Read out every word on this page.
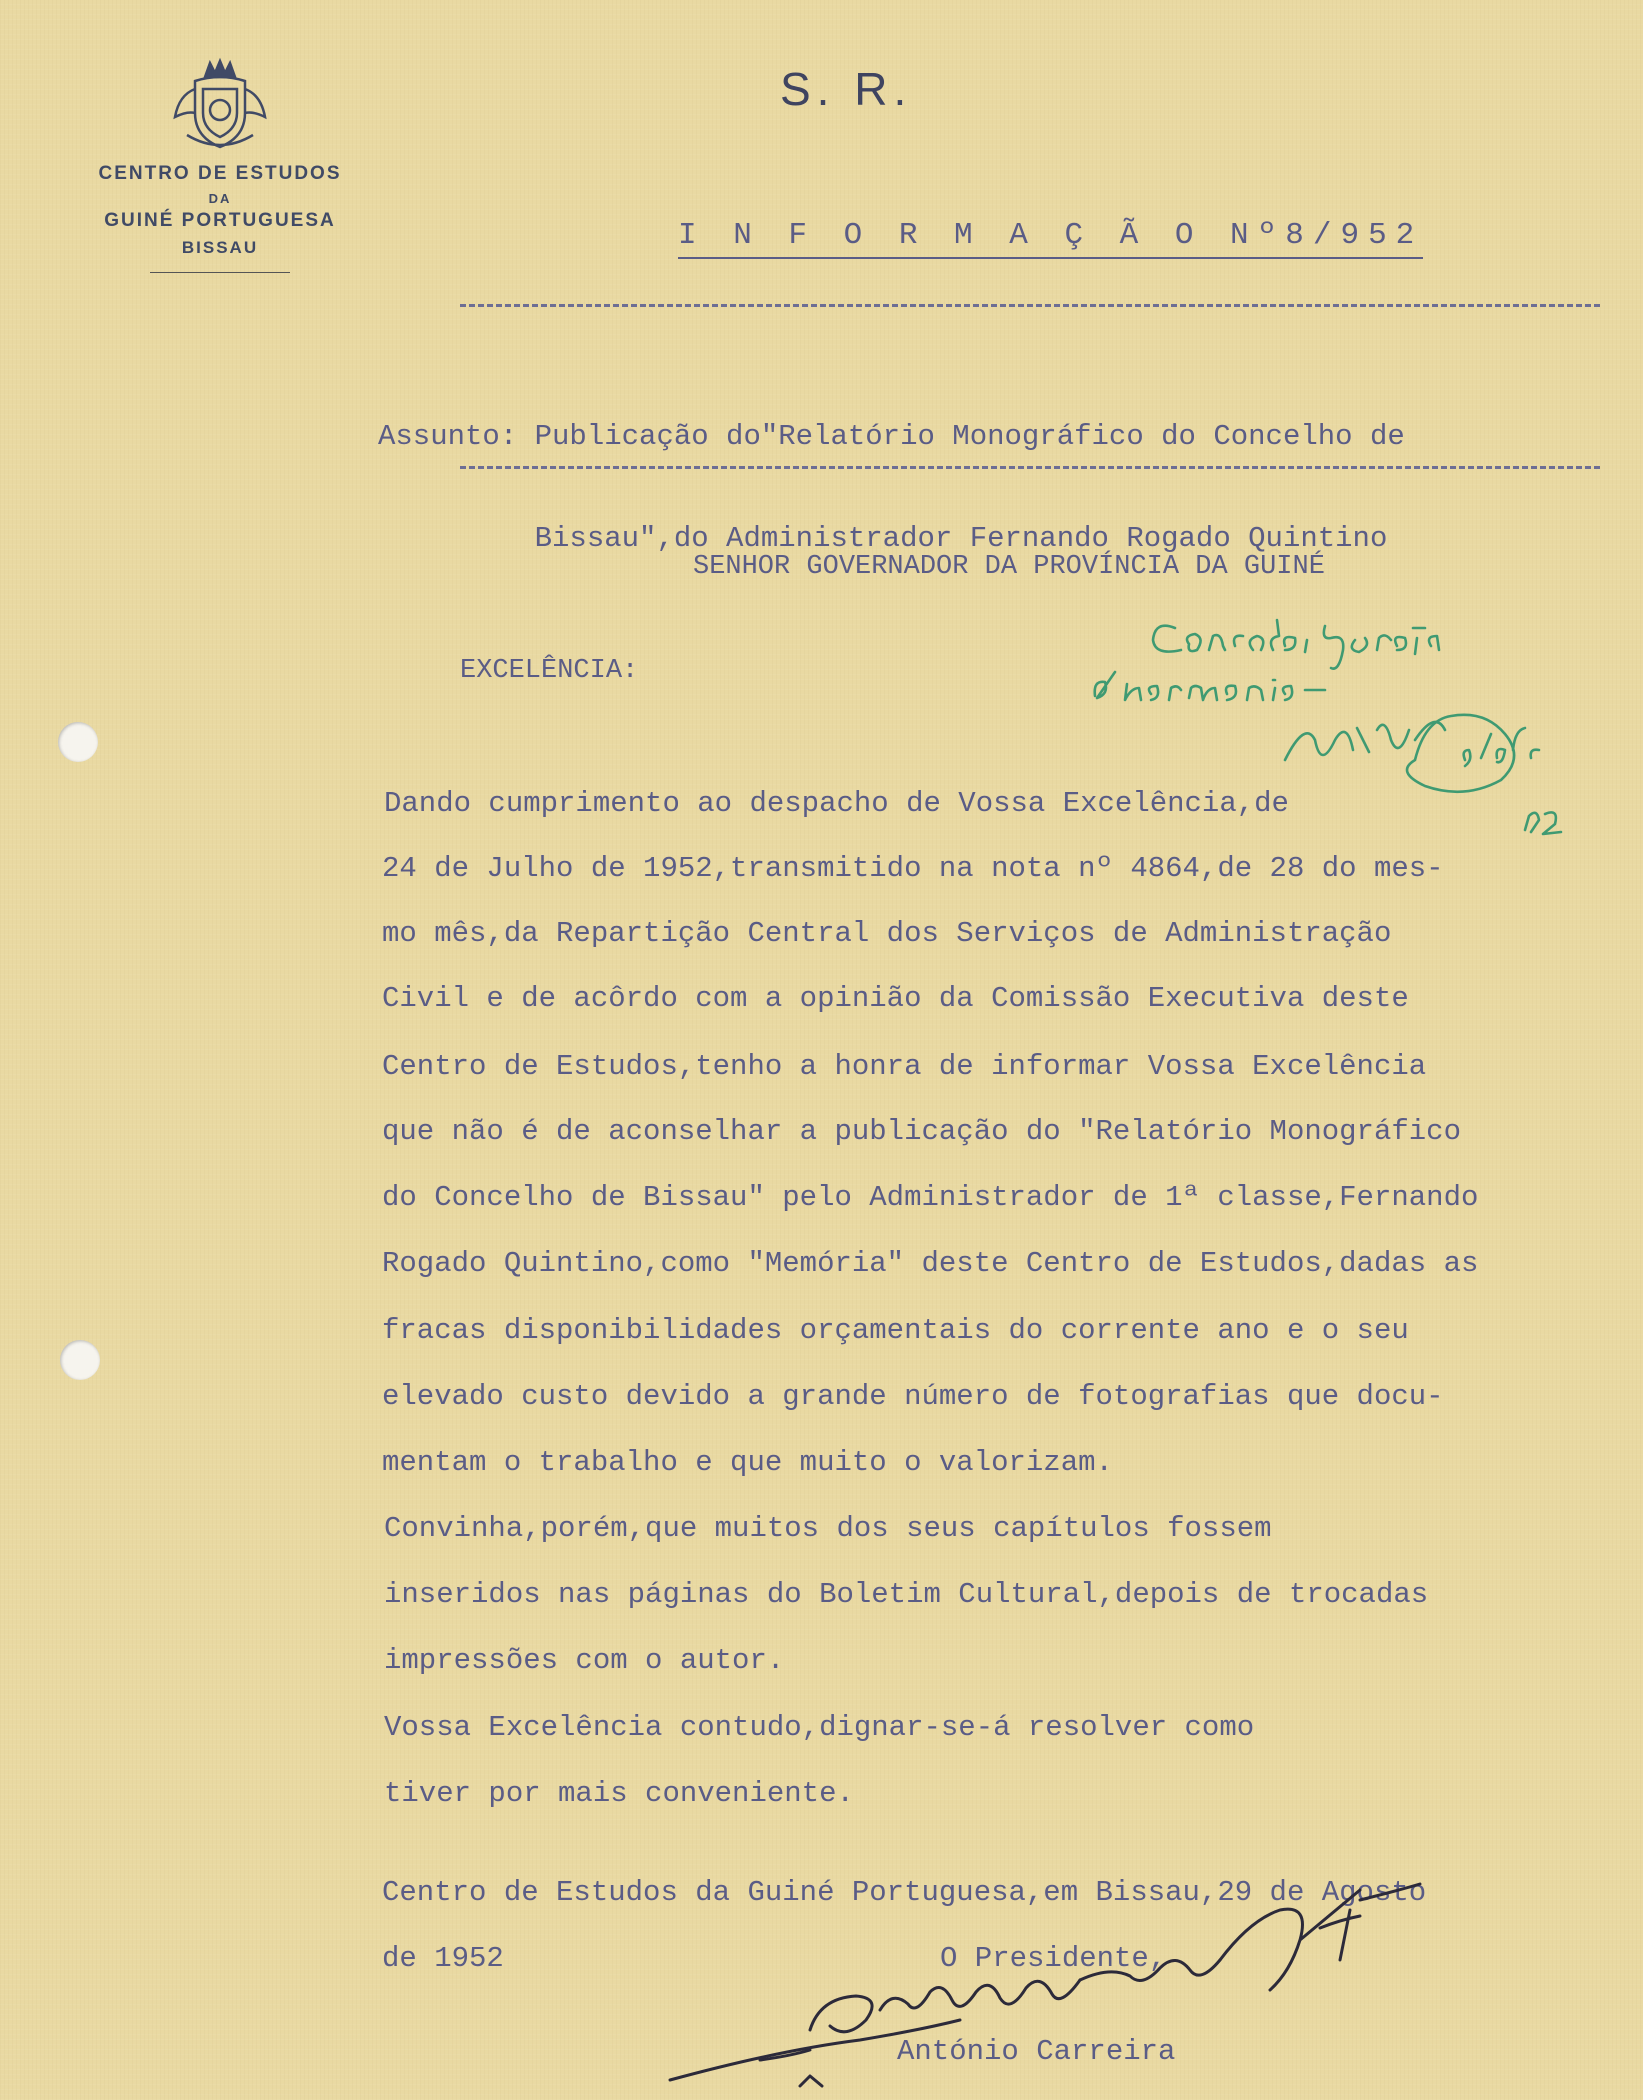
CENTRO DE ESTUDOS
DA
GUINÉ PORTUGUESA
BISSAU
S. R.
I N F O R M A Ç Ã O Nº8/952

Assunto: Publicação do"Relatório Monográfico do Concelho de

Bissau",do Administrador Fernando Rogado Quintino

SENHOR GOVERNADOR DA PROVÍNCIA DA GUINÉ
EXCELÊNCIA:
Dando cumprimento ao despacho de Vossa Excelência,de
24 de Julho de 1952,transmitido na nota nº 4864,de 28 do mes-
mo mês,da Repartição Central dos Serviços de Administração
Civil e de acôrdo com a opinião da Comissão Executiva deste
Centro de Estudos,tenho a honra de informar Vossa Excelência
que não é de aconselhar a publicação do "Relatório Monográfico
do Concelho de Bissau" pelo Administrador de 1ª classe,Fernando
Rogado Quintino,como "Memória" deste Centro de Estudos,dadas as
fracas disponibilidades orçamentais do corrente ano e o seu
elevado custo devido a grande número de fotografias que docu-
mentam o trabalho e que muito o valorizam.
Convinha,porém,que muitos dos seus capítulos fossem
inseridos nas páginas do Boletim Cultural,depois de trocadas
impressões com o autor.
Vossa Excelência contudo,dignar-se-á resolver como
tiver por mais conveniente.
Centro de Estudos da Guiné Portuguesa,em Bissau,29 de Agosto
de 1952	O Presidente,
António Carreira
